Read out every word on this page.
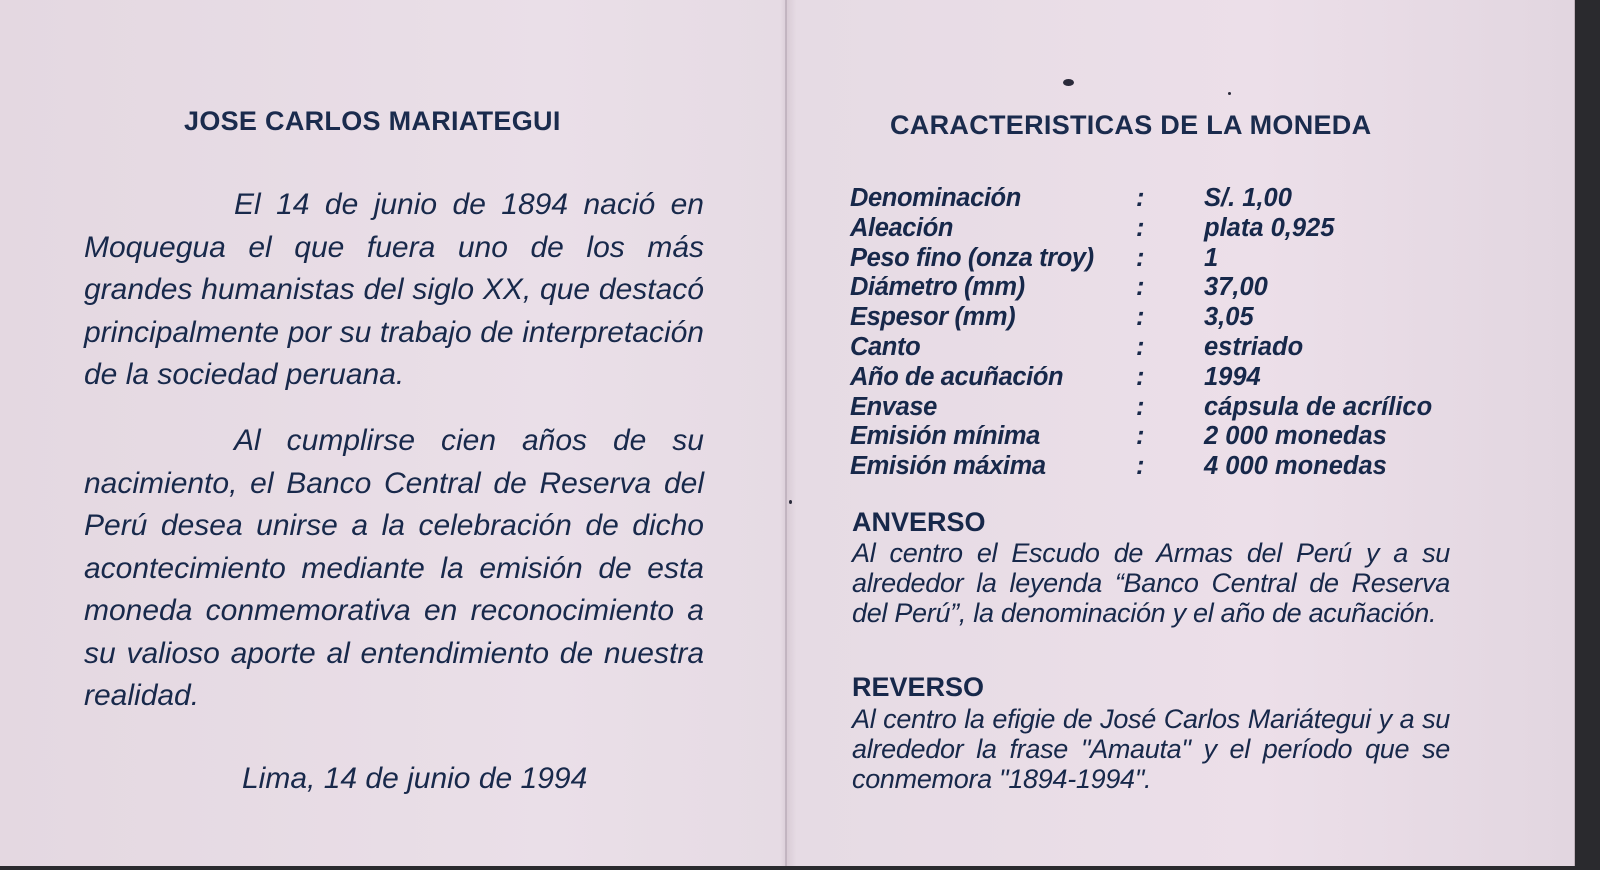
JOSE CARLOS MARIATEGUI
El 14 de junio de 1894 nació en Moquegua el que fuera uno de los más grandes humanistas del siglo XX, que destacó principalmente por su trabajo de interpretación de la sociedad peruana.
Al cumplirse cien años de su nacimiento, el Banco Central de Reserva del Perú desea unirse a la celebración de dicho acontecimiento mediante la emisión de esta moneda conmemorativa en reconocimiento a su valioso aporte al entendimiento de nuestra realidad.
Lima, 14 de junio de 1994
CARACTERISTICAS DE LA MONEDA
Denominación	: S/. 1,00
Aleación	: plata 0,925
Peso fino (onza troy) : 1
Diámetro (mm)	: 37,00
Espesor (mm)	: 3,05
Canto	: estriado
Año de acuñación	: 1994
Envase	: cápsula de acrílico
Emisión mínima	: 2 000 monedas
Emisión máxima	: 4 000 monedas
ANVERSO
Al centro el Escudo de Armas del Perú y a su alrededor la leyenda “Banco Central de Reserva del Perú”, la denominación y el año de acuñación.
REVERSO
Al centro la efigie de José Carlos Mariátegui y a su alrededor la frase "Amauta" y el período que se conmemora "1894-1994".
